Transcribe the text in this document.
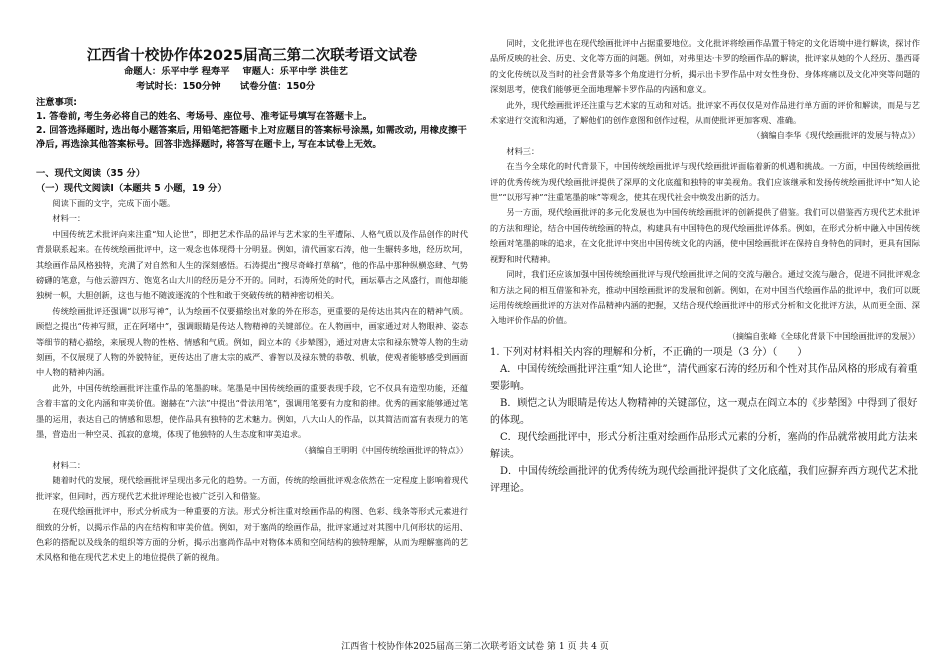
江西省十校协作体2025届高三第二次联考语文试卷
命题人：乐平中学 程寿平 审题人：乐平中学 洪佳艺
考试时长：150分钟 试卷分值：150分
注意事项:
1. 答卷前, 考生务必将自己的姓名、考场号、座位号、准考证号填写在答题卡上。
2. 回答选择题时, 选出每小题答案后, 用铅笔把答题卡上对应题目的答案标号涂黑, 如需改动, 用橡皮擦干净后, 再选涂其他答案标号。回答非选择题时, 将答写在题卡上, 写在本试卷上无效。
一、现代文阅读（35 分）
（一）现代文阅读Ⅰ（本题共 5 小题，19 分）

阅读下面的文字，完成下面小题。

材料一：

中国传统艺术批评向来注重“知人论世”，即把艺术作品的品评与艺术家的生平遭际、人格气质以及作品创作的时代背景联系起来。在传统绘画批评中，这一观念也体现得十分明显。例如，清代画家石涛，他一生辗转多地，经历坎坷，其绘画作品风格独特，充满了对自然和人生的深刻感悟。石涛提出“搜尽奇峰打草稿”，他的作品中那种纵横恣肆、气势磅礴的笔意，与他云游四方、饱览名山大川的经历是分不开的。同时，石涛所处的时代，画坛摹古之风盛行，而他却能独树一帜，大胆创新，这也与他不随波逐流的个性和敢于突破传统的精神密切相关。

传统绘画批评还强调“以形写神”，认为绘画不仅要描绘出对象的外在形态，更重要的是传达出其内在的精神气质。顾恺之提出“传神写照，正在阿堵中”，强调眼睛是传达人物精神的关键部位。在人物画中，画家通过对人物眼神、姿态等细节的精心描绘，来展现人物的性格、情感和气质。例如，阎立本的《步辇图》，通过对唐太宗和禄东赞等人物的生动刻画，不仅展现了人物的外貌特征，更传达出了唐太宗的威严、睿智以及禄东赞的恭敬、机敏，使观者能够感受到画面中人物的精神内涵。

此外，中国传统绘画批评注重作品的笔墨韵味。笔墨是中国传统绘画的重要表现手段，它不仅具有造型功能，还蕴含着丰富的文化内涵和审美价值。谢赫在“六法”中提出“骨法用笔”，强调用笔要有力度和韵律。优秀的画家能够通过笔墨的运用，表达自己的情感和思想，使作品具有独特的艺术魅力。例如，八大山人的作品，以其简洁而富有表现力的笔墨，营造出一种空灵、孤寂的意境，体现了他独特的人生态度和审美追求。

（摘编自王明明《中国传统绘画批评的特点》）

材料二：

随着时代的发展，现代绘画批评呈现出多元化的趋势。一方面，传统的绘画批评观念依然在一定程度上影响着现代批评家，但同时，西方现代艺术批评理论也被广泛引入和借鉴。

在现代绘画批评中，形式分析成为一种重要的方法。形式分析注重对绘画作品的构图、色彩、线条等形式元素进行细致的分析，以揭示作品的内在结构和审美价值。例如，对于塞尚的绘画作品，批评家通过对其图中几何形状的运用、色彩的搭配以及线条的组织等方面的分析，揭示出塞尚作品中对物体本质和空间结构的独特理解，从而为理解塞尚的艺术风格和他在现代艺术史上的地位提供了新的视角。

同时，文化批评也在现代绘画批评中占据重要地位。文化批评将绘画作品置于特定的文化语境中进行解读，探讨作品所反映的社会、历史、文化等方面的问题。例如，对弗里达·卡罗的绘画作品的解读，批评家从她的个人经历、墨西哥的文化传统以及当时的社会背景等多个角度进行分析，揭示出卡罗作品中对女性身份、身体疼痛以及文化冲突等问题的深刻思考，使我们能够更全面地理解卡罗作品的内涵和意义。

此外，现代绘画批评还注重与艺术家的互动和对话。批评家不再仅仅是对作品进行单方面的评价和解读，而是与艺术家进行交流和沟通，了解他们的创作意图和创作过程，从而使批评更加客观、准确。

（摘编自李华《现代绘画批评的发展与特点》）

材料三：

在当今全球化的时代背景下，中国传统绘画批评与现代绘画批评面临着新的机遇和挑战。一方面，中国传统绘画批评的优秀传统为现代绘画批评提供了深厚的文化底蕴和独特的审美视角。我们应该继承和发扬传统绘画批评中“知人论世”“以形写神”“注重笔墨韵味”等观念，使其在现代社会中焕发出新的活力。

另一方面，现代绘画批评的多元化发展也为中国传统绘画批评的创新提供了借鉴。我们可以借鉴西方现代艺术批评的方法和理论，结合中国传统绘画的特点，构建具有中国特色的现代绘画批评体系。例如，在形式分析中融入中国传统绘画对笔墨韵味的追求，在文化批评中突出中国传统文化的内涵，使中国绘画批评在保持自身特色的同时，更具有国际视野和时代精神。

同时，我们还应该加强中国传统绘画批评与现代绘画批评之间的交流与融合。通过交流与融合，促进不同批评观念和方法之间的相互借鉴和补充，推动中国绘画批评的发展和创新。例如，在对中国当代绘画作品的批评中，我们可以既运用传统绘画批评的方法对作品精神内涵的把握，又结合现代绘画批评中的形式分析和文化批评方法，从而更全面、深入地评价作品的价值。

（摘编自张峰《全球化背景下中国绘画批评的发展》）

1. 下列对材料相关内容的理解和分析，不正确的一项是（3 分）（　　）

A．中国传统绘画批评注重“知人论世”，清代画家石涛的经历和个性对其作品风格的形成有着重要影响。

B．顾恺之认为眼睛是传达人物精神的关键部位，这一观点在阎立本的《步辇图》中得到了很好的体现。

C．现代绘画批评中，形式分析注重对绘画作品形式元素的分析，塞尚的作品就常被用此方法来解读。

D．中国传统绘画批评的优秀传统为现代绘画批评提供了文化底蕴，我们应摒弃西方现代艺术批评理论。

江西省十校协作体2025届高三第二次联考语文试卷 第 1 页 共 4 页
